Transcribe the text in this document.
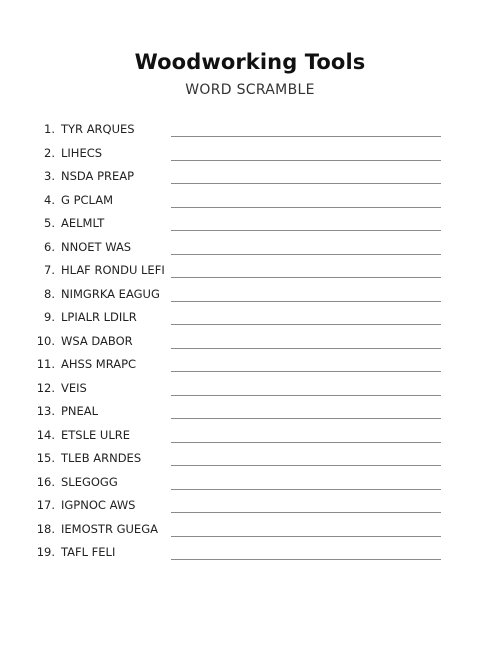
Woodworking Tools
WORD SCRAMBLE
1. TYR ARQUES
2. LIHECS
3. NSDA PREAP
4. G PCLAM
5. AELMLT
6. NNOET WAS
7. HLAF RONDU LEFI
8. NIMGRKA EAGUG
9. LPIALR LDILR
10. WSA DABOR
11. AHSS MRAPC
12. VEIS
13. PNEAL
14. ETSLE ULRE
15. TLEB ARNDES
16. SLEGOGG
17. IGPNOC AWS
18. IEMOSTR GUEGA
19. TAFL FELI
